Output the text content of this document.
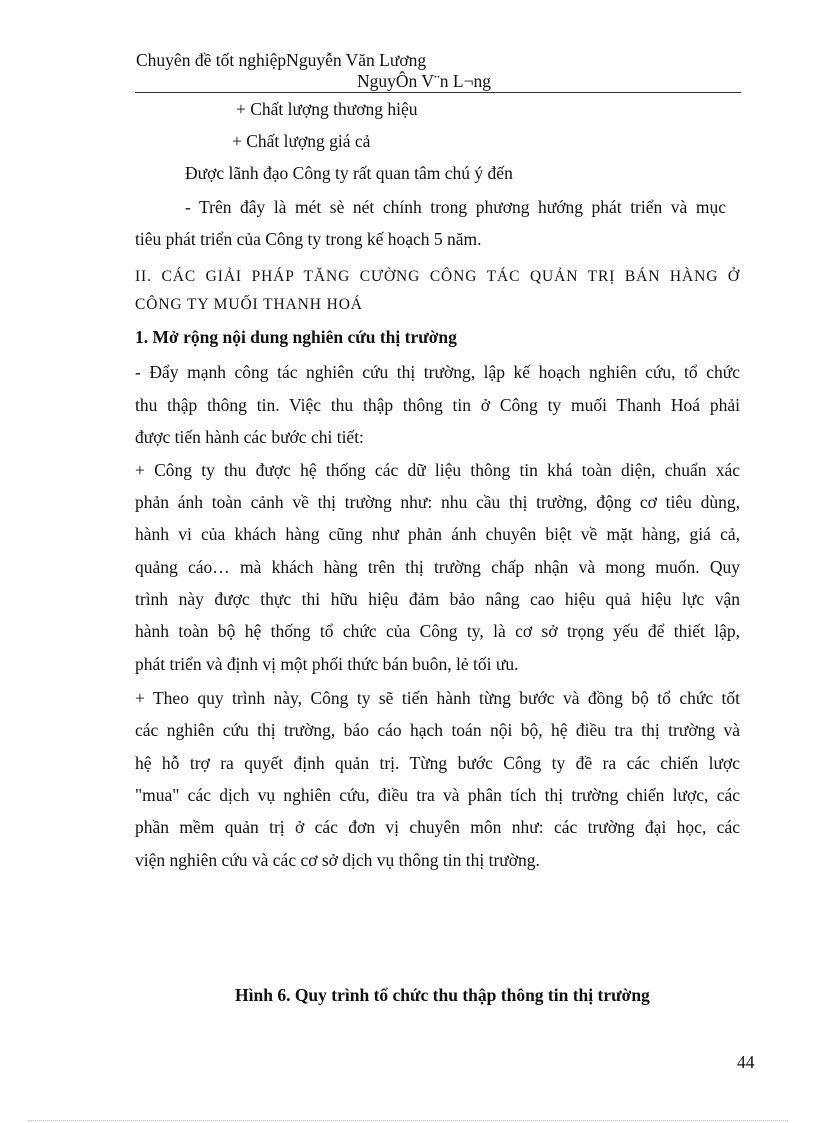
Chuyên đề tốt nghiệpNguyễn Văn Lương
NguyÔn V¨n L¬ng
+ Chất lượng thương hiệu
+ Chất lượng giá cả
Được lãnh đạo Công ty rất quan tâm chú ý đến
- Trên đây là mét sè nét chính trong phương hướng phát triển và mục
tiêu phát triển của Công ty trong kế hoạch 5 năm.
II. CÁC GIẢI PHÁP TĂNG CƯỜNG CÔNG TÁC QUẢN TRỊ BÁN HÀNG Ở
CÔNG TY MUỐI THANH HOÁ
1. Mở rộng nội dung nghiên cứu thị trường
- Đẩy mạnh công tác nghiên cứu thị trường, lập kế hoạch nghiên cứu, tổ chức
thu thập thông tin. Việc thu thập thông tin ở Công ty muối Thanh Hoá phải
được tiến hành các bước chi tiết:
+ Công ty thu được hệ thống các dữ liệu thông tin khá toàn diện, chuẩn xác
phản ánh toàn cảnh về thị trường như: nhu cầu thị trường, động cơ tiêu dùng,
hành vi của khách hàng cũng như phản ánh chuyên biệt về mặt hàng, giá cả,
quảng cáo… mà khách hàng trên thị trường chấp nhận và mong muốn. Quy
trình này được thực thi hữu hiệu đảm bảo nâng cao hiệu quả hiệu lực vận
hành toàn bộ hệ thống tổ chức của Công ty, là cơ sở trọng yếu để thiết lập,
phát triển và định vị một phối thức bán buôn, lẻ tối ưu.
+ Theo quy trình này, Công ty sẽ tiến hành từng bước và đồng bộ tổ chức tốt
các nghiên cứu thị trường, báo cáo hạch toán nội bộ, hệ điều tra thị trường và
hệ hỗ trợ ra quyết định quản trị. Từng bước Công ty đề ra các chiến lược
"mua" các dịch vụ nghiên cứu, điều tra và phân tích thị trường chiến lược, các
phần mềm quản trị ở các đơn vị chuyên môn như: các trường đại học, các
viện nghiên cứu và các cơ sở dịch vụ thông tin thị trường.
Hình 6. Quy trình tổ chức thu thập thông tin thị trường
44
